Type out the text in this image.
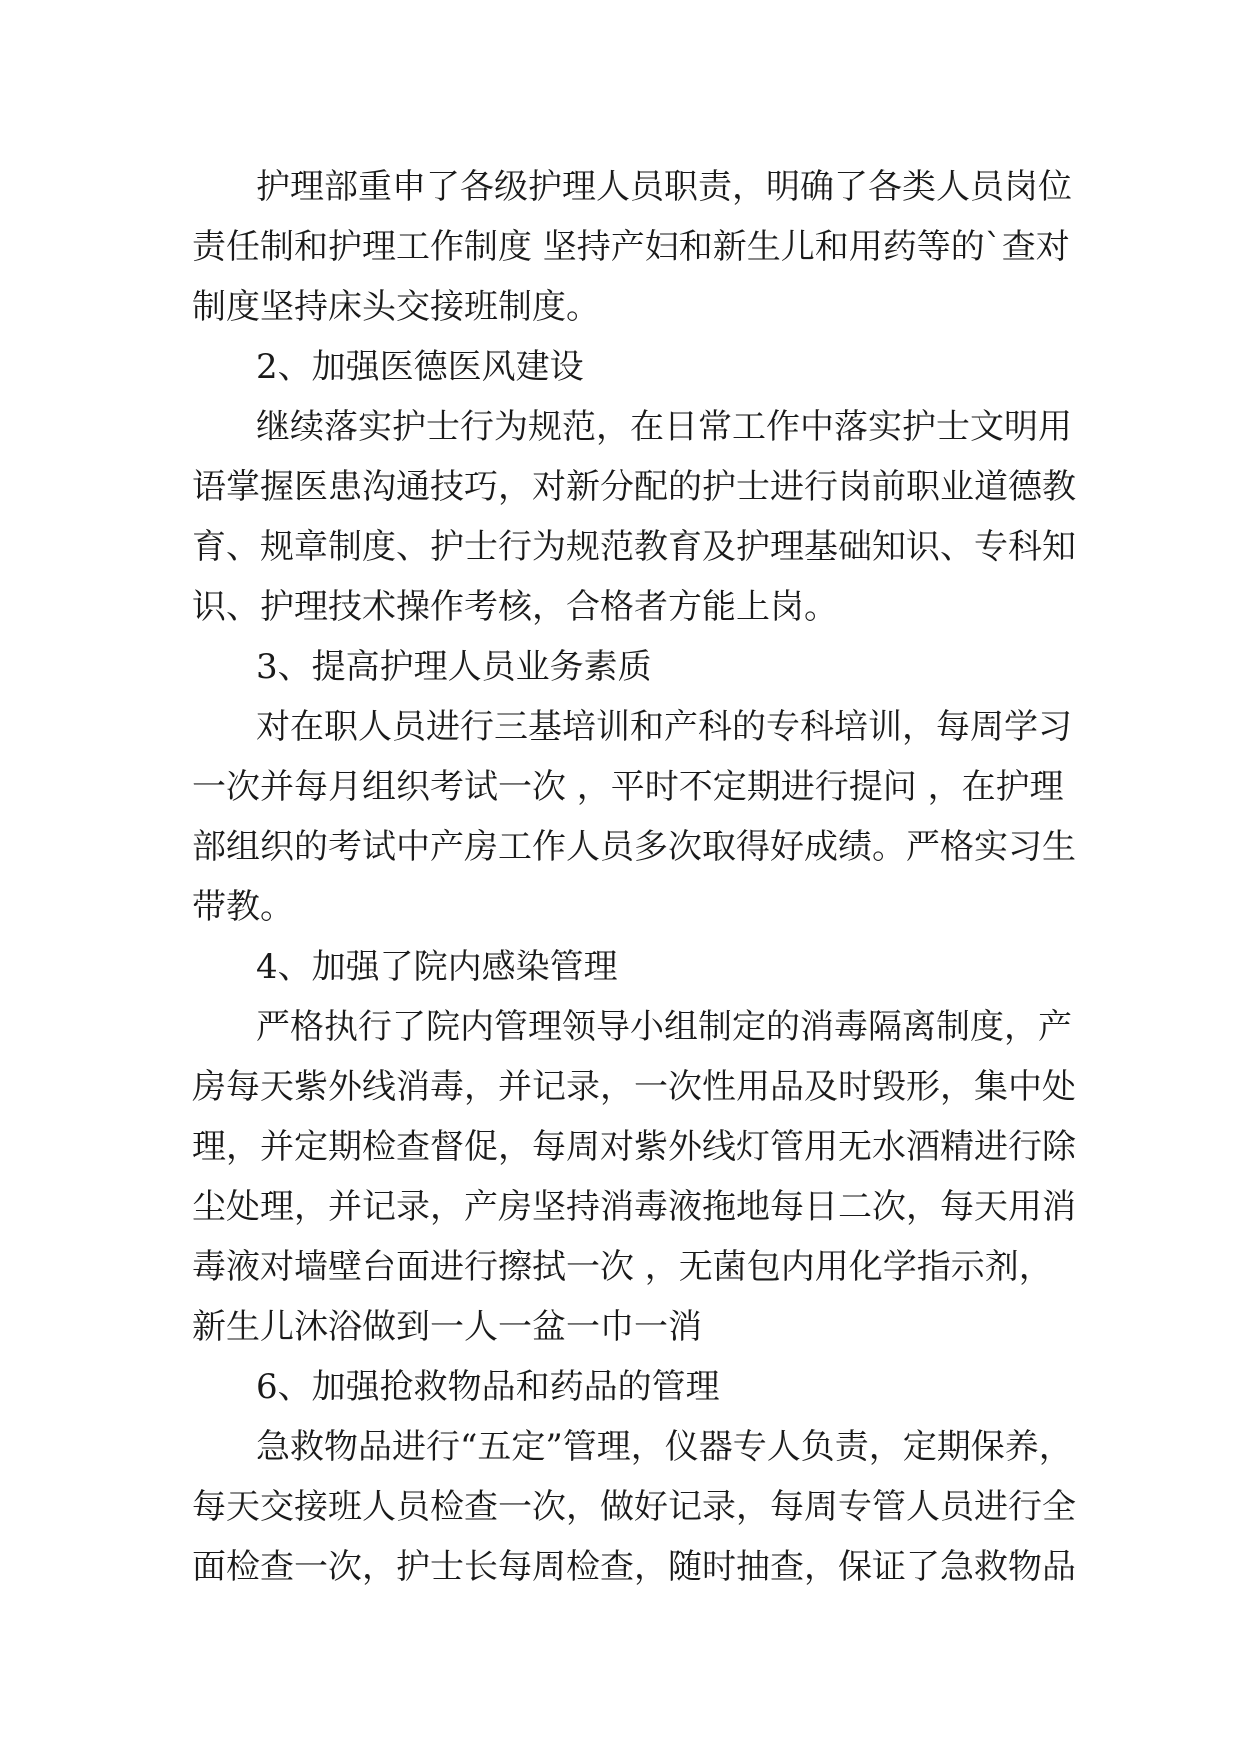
护理部重申了各级护理人员职责，明确了各类人员岗位
责任制和护理工作制度 坚持产妇和新生儿和用药等的`查对
制度坚持床头交接班制度。
2、加强医德医风建设
继续落实护士行为规范，在日常工作中落实护士文明用
语掌握医患沟通技巧，对新分配的护士进行岗前职业道德教
育、规章制度、护士行为规范教育及护理基础知识、专科知
识、护理技术操作考核，合格者方能上岗。
3、提高护理人员业务素质
对在职人员进行三基培训和产科的专科培训，每周学习
一次并每月组织考试一次 ，平时不定期进行提问 ，在护理
部组织的考试中产房工作人员多次取得好成绩。严格实习生
带教。
4、加强了院内感染管理
严格执行了院内管理领导小组制定的消毒隔离制度，产
房每天紫外线消毒，并记录，一次性用品及时毁形，集中处
理，并定期检查督促，每周对紫外线灯管用无水酒精进行除
尘处理，并记录，产房坚持消毒液拖地每日二次，每天用消
毒液对墙壁台面进行擦拭一次 ，无菌包内用化学指示剂，
新生儿沐浴做到一人一盆一巾一消
6、加强抢救物品和药品的管理
急救物品进行“五定”管理，仪器专人负责，定期保养，
每天交接班人员检查一次，做好记录，每周专管人员进行全
面检查一次，护士长每周检查，随时抽查，保证了急救物品
